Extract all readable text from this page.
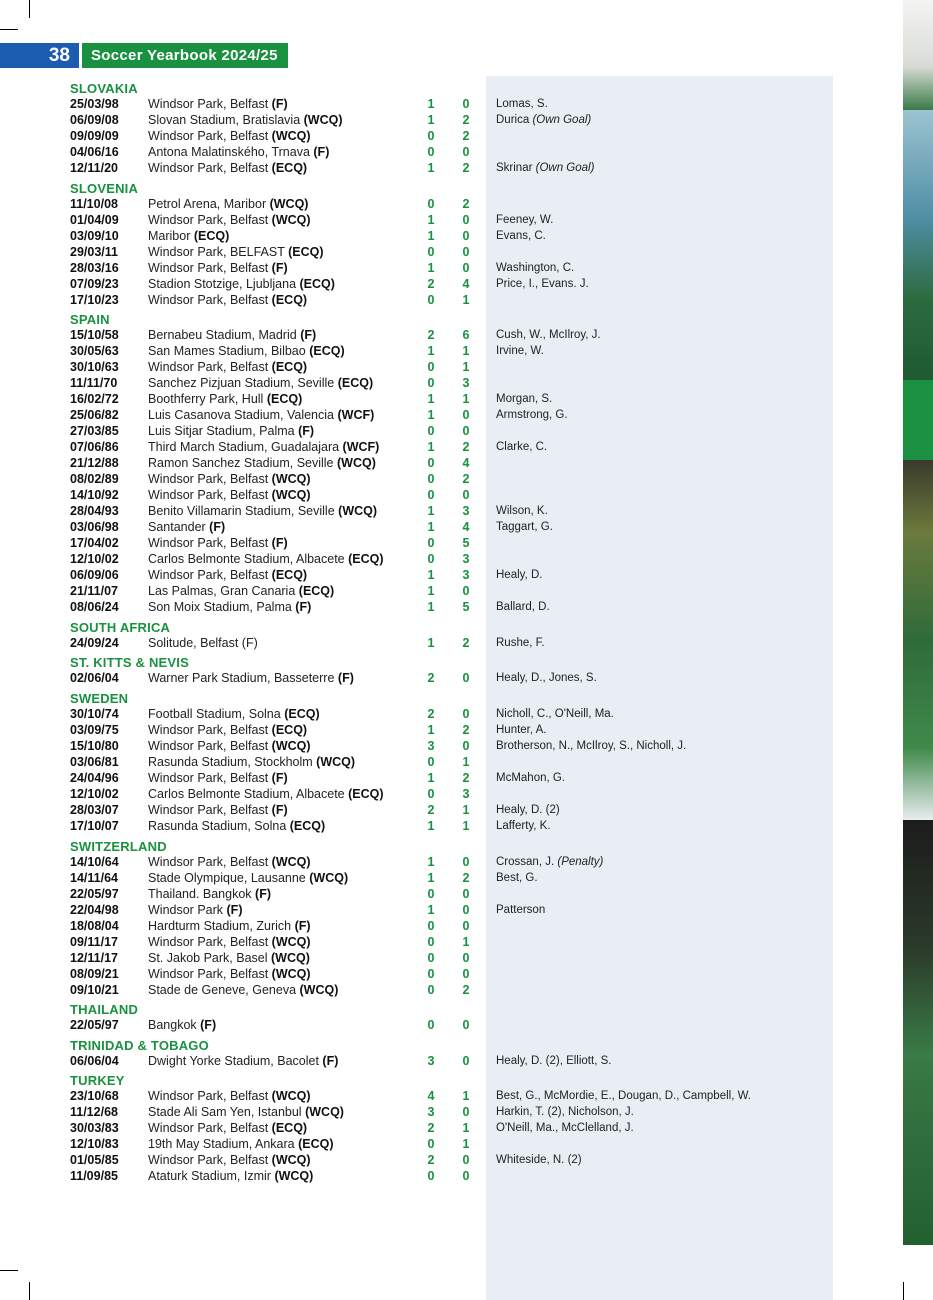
38	Soccer Yearbook 2024/25
SLOVAKIA
25/03/98 Windsor Park, Belfast (F)	1	0	Lomas, S.
06/09/08 Slovan Stadium, Bratislavia (WCQ)	1	2	Durica (Own Goal)
09/09/09 Windsor Park, Belfast (WCQ)	0	2
04/06/16 Antona Malatinského, Trnava (F)	0	0
12/11/20 Windsor Park, Belfast (ECQ)	1	2	Skrinar (Own Goal)
SLOVENIA
11/10/08 Petrol Arena, Maribor (WCQ)	0	2
01/04/09 Windsor Park, Belfast (WCQ)	1	0	Feeney, W.
03/09/10 Maribor (ECQ)	1	0	Evans, C.
29/03/11 Windsor Park, BELFAST (ECQ)	0	0
28/03/16 Windsor Park, Belfast (F)	1	0	Washington, C.
07/09/23 Stadion Stotzige, Ljubljana (ECQ)	2	4	Price, I., Evans. J.
17/10/23 Windsor Park, Belfast (ECQ)	0	1
SPAIN
15/10/58 Bernabeu Stadium, Madrid (F)	2	6	Cush, W., McIlroy, J.
30/05/63 San Mames Stadium, Bilbao (ECQ)	1	1	Irvine, W.
30/10/63 Windsor Park, Belfast (ECQ)	0	1
11/11/70 Sanchez Pizjuan Stadium, Seville (ECQ)	0	3
16/02/72 Boothferry Park, Hull (ECQ)	1	1	Morgan, S.
25/06/82 Luis Casanova Stadium, Valencia (WCF)	1	0	Armstrong, G.
27/03/85 Luis Sitjar Stadium, Palma (F)	0	0
07/06/86 Third March Stadium, Guadalajara (WCF)	1	2	Clarke, C.
21/12/88 Ramon Sanchez Stadium, Seville (WCQ)	0	4
08/02/89 Windsor Park, Belfast (WCQ)	0	2
14/10/92 Windsor Park, Belfast (WCQ)	0	0
28/04/93 Benito Villamarin Stadium, Seville (WCQ)	1	3	Wilson, K.
03/06/98 Santander (F)	1	4	Taggart, G.
17/04/02 Windsor Park, Belfast (F)	0	5
12/10/02 Carlos Belmonte Stadium, Albacete (ECQ)	0	3
06/09/06 Windsor Park, Belfast (ECQ)	1	3	Healy, D.
21/11/07 Las Palmas, Gran Canaria (ECQ)	1	0
08/06/24 Son Moix Stadium, Palma (F)	1	5	Ballard, D.
SOUTH AFRICA
24/09/24 Solitude, Belfast (F)	1	2	Rushe, F.
ST. KITTS & NEVIS
02/06/04 Warner Park Stadium, Basseterre (F)	2	0	Healy, D., Jones, S.
SWEDEN
30/10/74 Football Stadium, Solna (ECQ)	2	0	Nicholl, C., O'Neill, Ma.
03/09/75 Windsor Park, Belfast (ECQ)	1	2	Hunter, A.
15/10/80 Windsor Park, Belfast (WCQ)	3	0	Brotherson, N., McIlroy, S., Nicholl, J.
03/06/81 Rasunda Stadium, Stockholm (WCQ)	0	1
24/04/96 Windsor Park, Belfast (F)	1	2	McMahon, G.
12/10/02 Carlos Belmonte Stadium, Albacete (ECQ)	0	3
28/03/07 Windsor Park, Belfast (F)	2	1	Healy, D. (2)
17/10/07 Rasunda Stadium, Solna (ECQ)	1	1	Lafferty, K.
SWITZERLAND
14/10/64 Windsor Park, Belfast (WCQ)	1	0	Crossan, J. (Penalty)
14/11/64 Stade Olympique, Lausanne (WCQ)	1	2	Best, G.
22/05/97 Thailand. Bangkok (F)	0	0
22/04/98 Windsor Park (F)	1	0	Patterson
18/08/04 Hardturm Stadium, Zurich (F)	0	0
09/11/17 Windsor Park, Belfast (WCQ)	0	1
12/11/17 St. Jakob Park, Basel (WCQ)	0	0
08/09/21 Windsor Park, Belfast (WCQ)	0	0
09/10/21 Stade de Geneve, Geneva (WCQ)	0	2
THAILAND
22/05/97 Bangkok (F)	0	0
TRINIDAD & TOBAGO
06/06/04 Dwight Yorke Stadium, Bacolet (F)	3	0	Healy, D. (2), Elliott, S.
TURKEY
23/10/68 Windsor Park, Belfast (WCQ)	4	1	Best, G., McMordie, E., Dougan, D., Campbell, W.
11/12/68 Stade Ali Sam Yen, Istanbul (WCQ)	3	0	Harkin, T. (2), Nicholson, J.
30/03/83 Windsor Park, Belfast (ECQ)	2	1	O'Neill, Ma., McClelland, J.
12/10/83 19th May Stadium, Ankara (ECQ)	0	1
01/05/85 Windsor Park, Belfast (WCQ)	2	0	Whiteside, N. (2)
11/09/85 Ataturk Stadium, Izmir (WCQ)	0	0
